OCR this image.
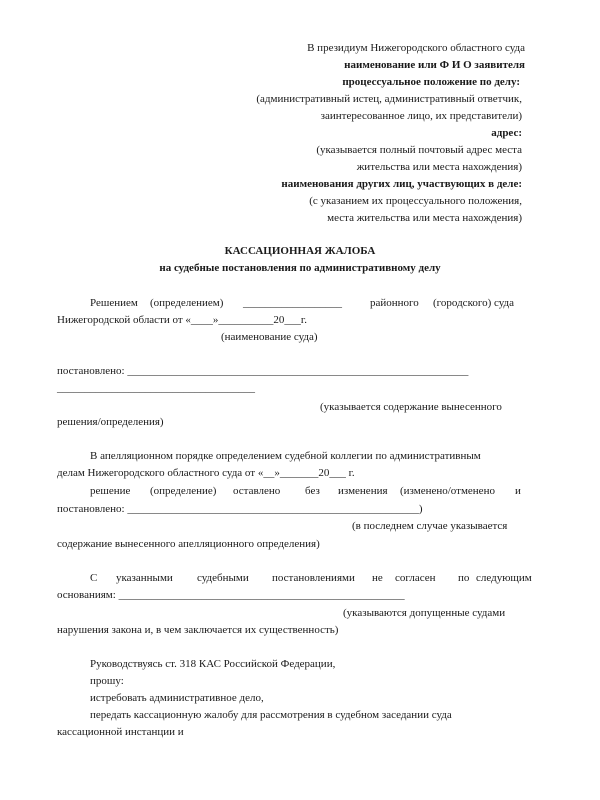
В президиум Нижегородского областного суда
наименование или Ф И О заявителя
процессуальное положение по делу:
(административный истец, административный ответчик,
заинтересованное лицо, их представители)
адрес:
(указывается полный почтовый адрес места
жительства или места нахождения)
наименования других лиц, участвующих в деле:
(с указанием их процессуального положения,
места жительства или места нахождения)
КАССАЦИОННАЯ ЖАЛОБА
на судебные постановления по административному делу
Решением (определением) __________________	районного (городского) суда
Нижегородской области от «____»__________20___г.
(наименование суда)
постановлено: ______________________________________________________________
____________________________________
(указывается содержание вынесенного
решения/определения)
В апелляционном порядке определением судебной коллегии по административным
делам Нижегородского областного суда от «__»_______20___ г.
решение (определение) оставлено без изменения (изменено/отменено и
постановлено: _____________________________________________________)
(в последнем случае указывается
содержание вынесенного апелляционного определения)
С указанными судебными постановлениями не согласен по следующим
основаниям: ____________________________________________________
(указываются допущенные судами
нарушения закона и, в чем заключается их существенность)
Руководствуясь ст. 318 КАС Российской Федерации,
прошу:
истребовать административное дело,
передать кассационную жалобу для рассмотрения в судебном заседании суда
кассационной инстанции и
